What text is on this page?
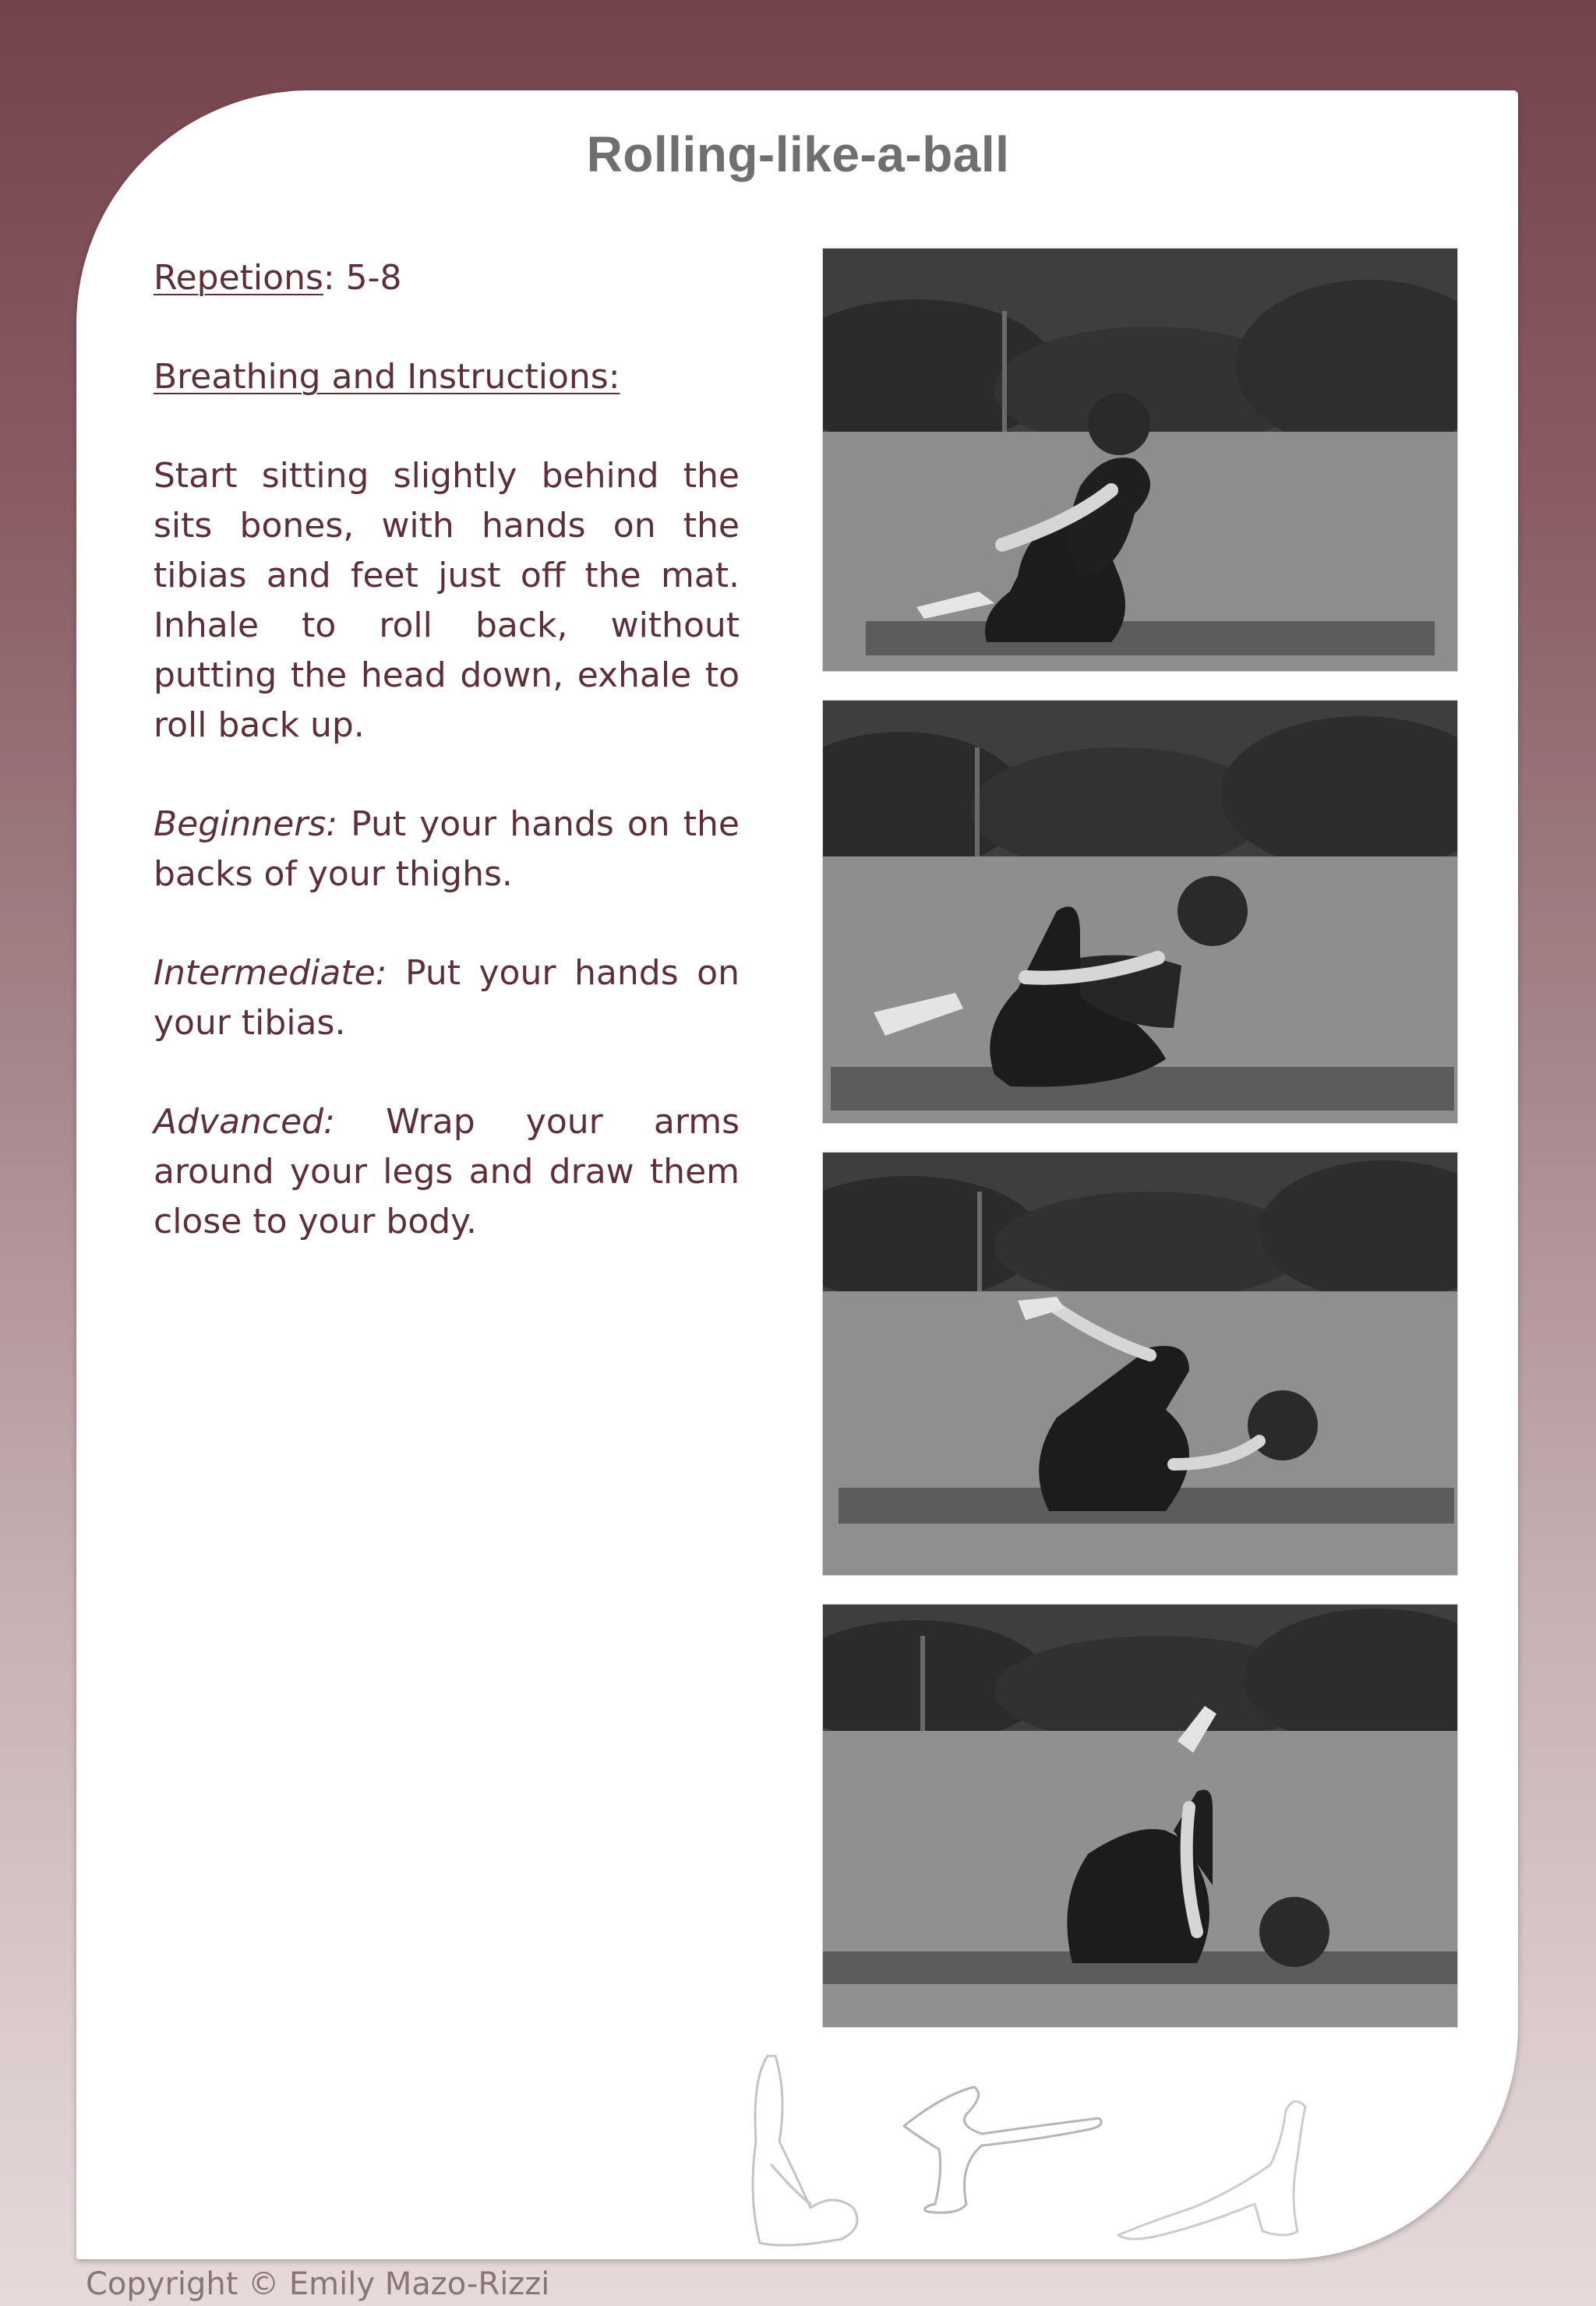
Rolling-like-a-ball

Repetions: 5-8

Breathing and Instructions:

Start sitting slightly behind the sits bones, with hands on the tibias and feet just off the mat. Inhale to roll back, without putting the head down, exhale to roll back up.

Beginners: Put your hands on the backs of your thighs.

Intermediate: Put your hands on your tibias.

Advanced: Wrap your arms around your legs and draw them close to your body.

Copyright © Emily Mazo-Rizzi
